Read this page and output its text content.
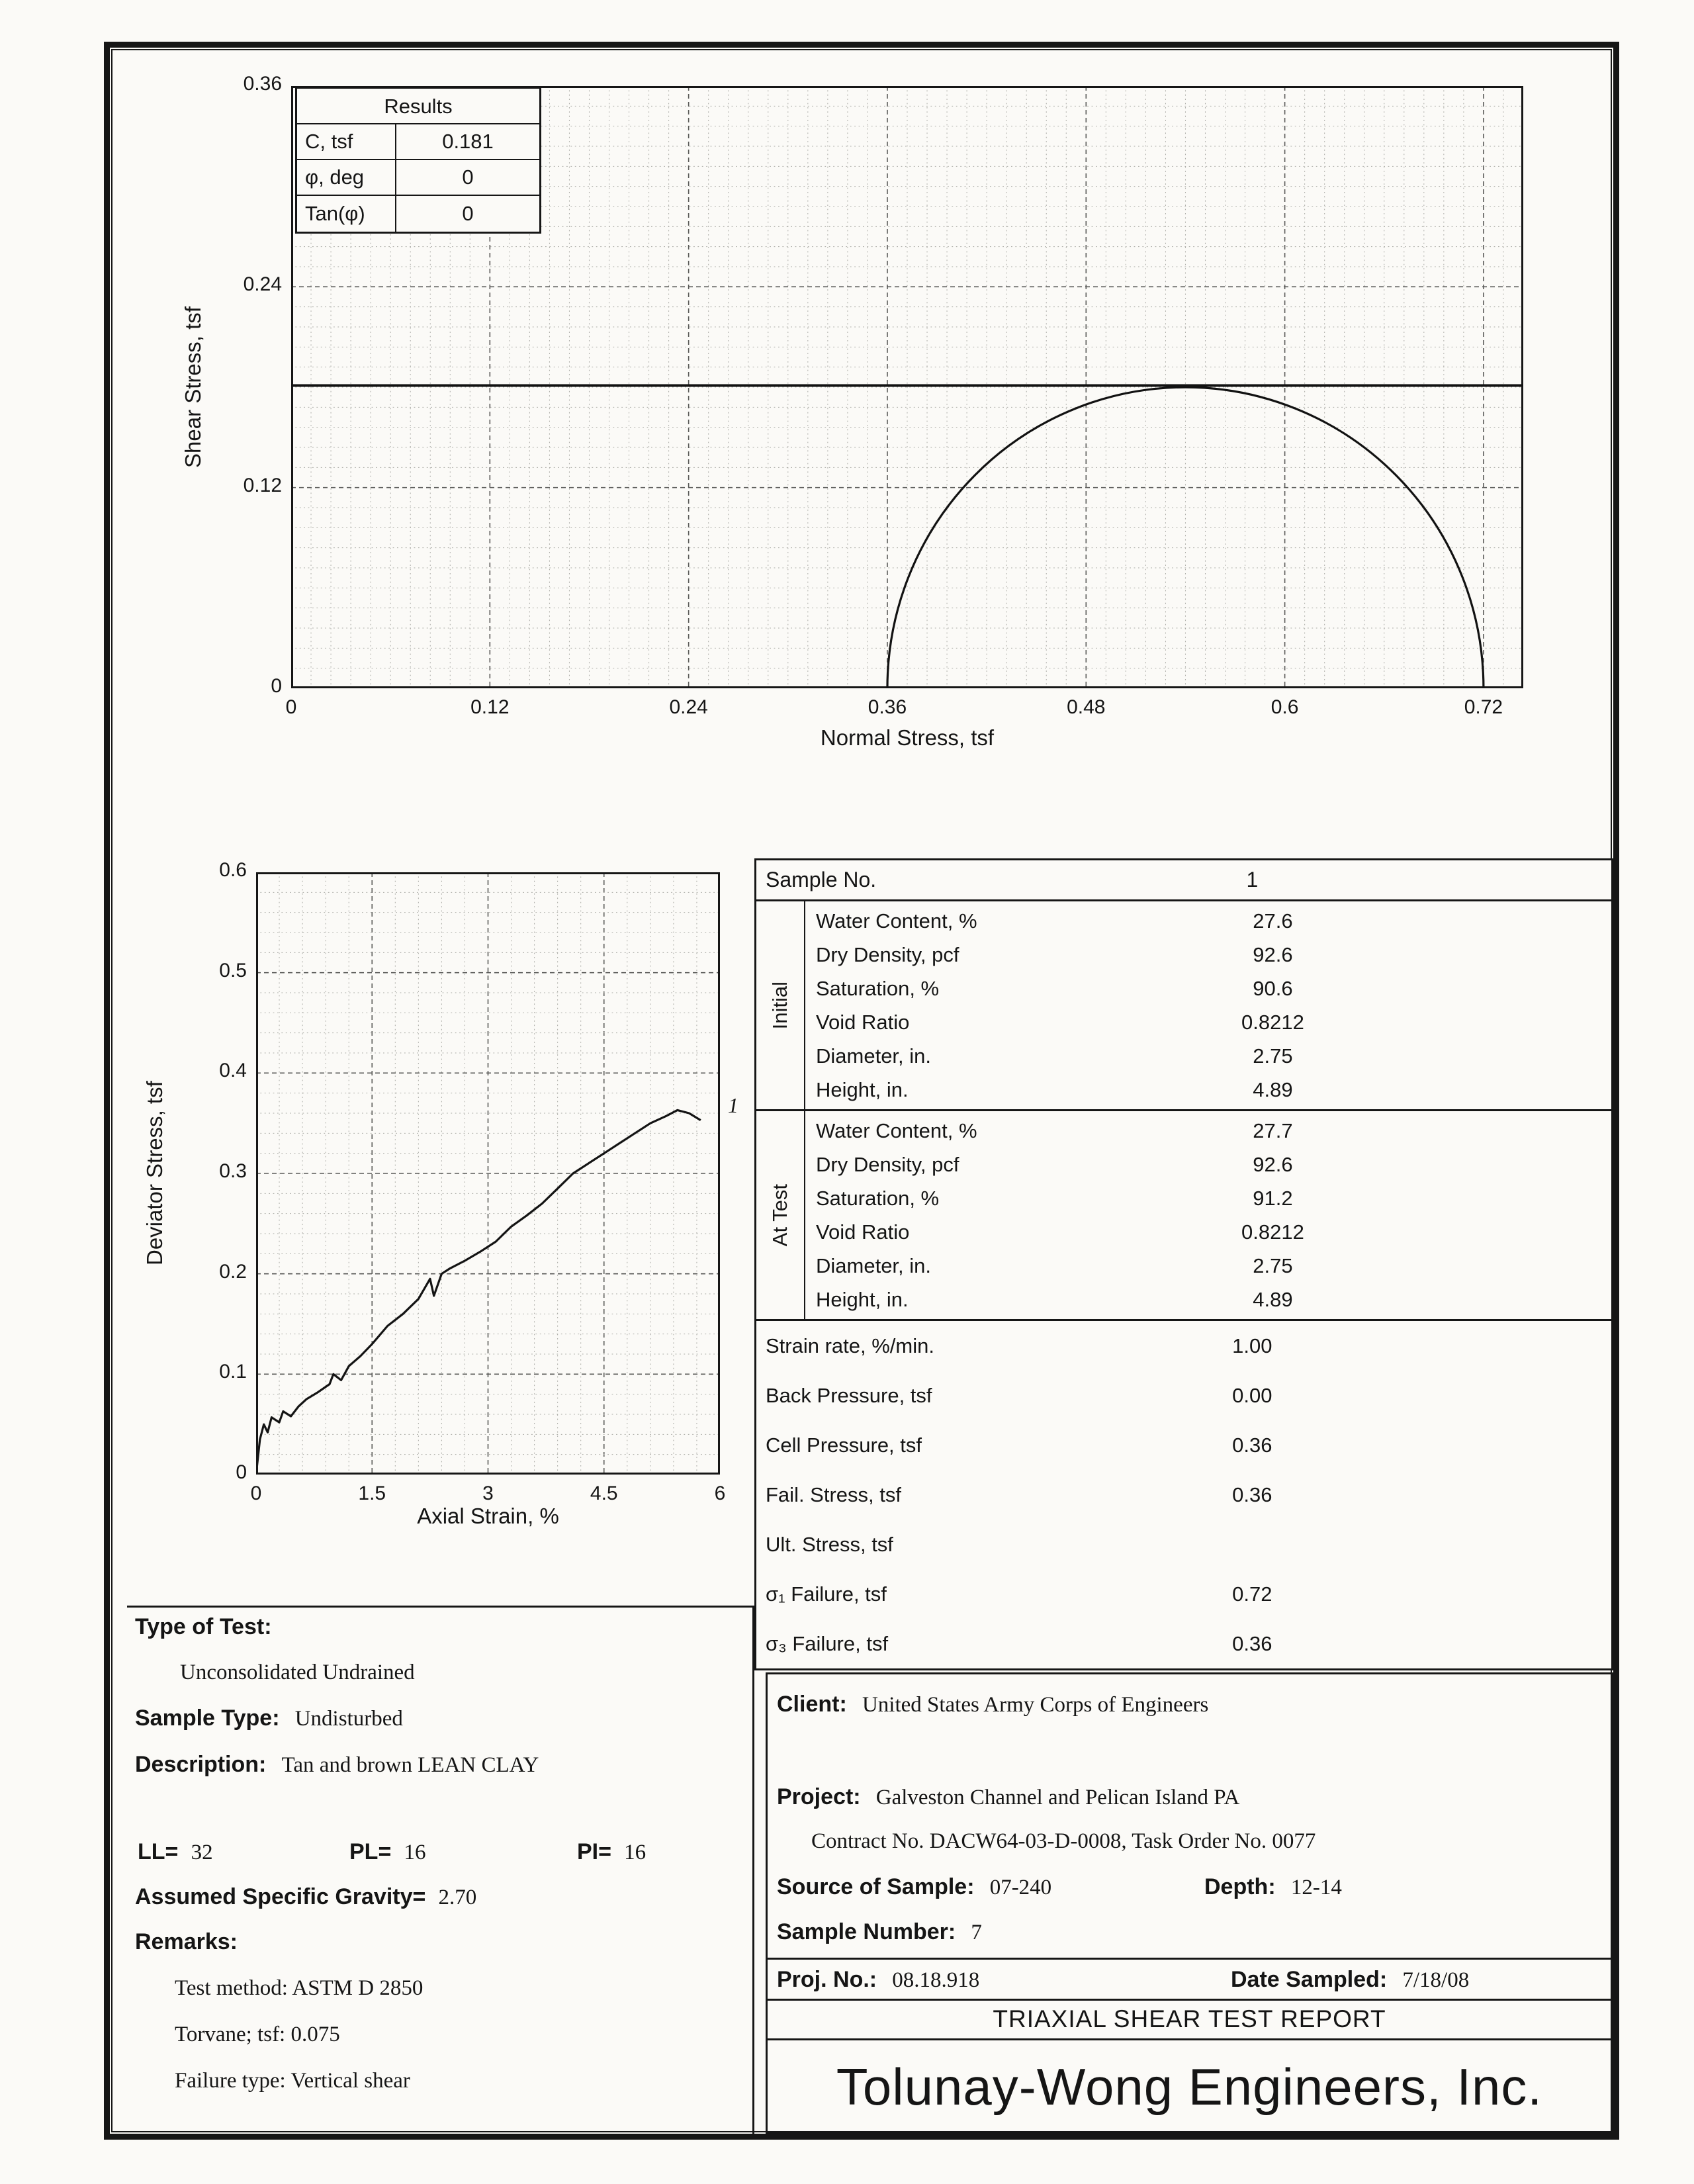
Shear Stress, tsf
Results
C, tsf	0.181
φ, deg	0
Tan(φ)	0
Normal Stress, tsf
Deviator Stress, tsf	1
Axial Strain, %
Sample No.	1
Initial
Water Content, %	27.6
Dry Density, pcf	92.6
Saturation, %	90.6
Void Ratio	0.8212
Diameter, in.	2.75
Height, in.	4.89
At Test
Water Content, %	27.7
Dry Density, pcf	92.6
Saturation, %	91.2
Void Ratio	0.8212
Diameter, in.	2.75
Height, in.	4.89
Strain rate, %/min.	1.00
Back Pressure, tsf	0.00
Cell Pressure, tsf	0.36
Fail. Stress, tsf	0.36
Ult. Stress, tsf
σ₁ Failure, tsf	0.72
σ₃ Failure, tsf	0.36
Type of Test:
Unconsolidated Undrained
Sample Type: Undisturbed
Description: Tan and brown LEAN CLAY
LL= 32	PL= 16	PI= 16
Assumed Specific Gravity= 2.70
Remarks:
Test method: ASTM D 2850
Torvane; tsf: 0.075
Failure type: Vertical shear
Client: United States Army Corps of Engineers
Project: Galveston Channel and Pelican Island PA
Contract No. DACW64-03-D-0008, Task Order No. 0077
Source of Sample: 07-240	Depth: 12-14
Sample Number: 7
Proj. No.: 08.18.918	Date Sampled: 7/18/08
TRIAXIAL SHEAR TEST REPORT
Tolunay-Wong Engineers, Inc.
0	0.12	0.24	0.36	0.48	0.6	0.72
0
0.12
0.24
0.36
0	1.5	3	4.5	6
0
0.1
0.2
0.3
0.4
0.5
0.6
